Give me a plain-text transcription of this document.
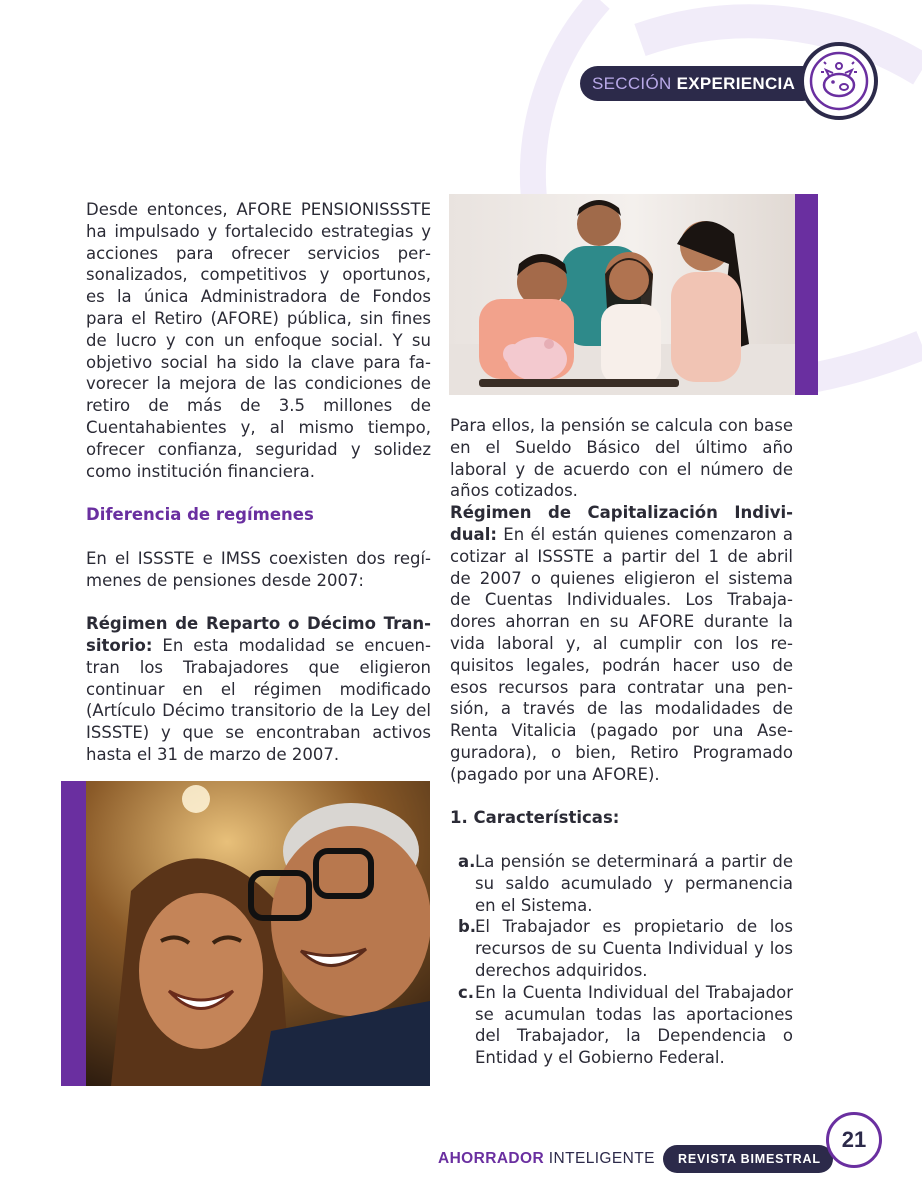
SECCIÓN EXPERIENCIA

Desde entonces, AFORE PENSIONISSSTE ha impulsado y fortalecido estrategias y acciones para ofrecer servicios personalizados, competitivos y oportunos, es la única Administradora de Fondos para el Retiro (AFORE) pública, sin fines de lucro y con un enfoque social. Y su objetivo social ha sido la clave para favorecer la mejora de las condiciones de retiro de más de 3.5 millones de Cuentahabientes y, al mismo tiempo, ofrecer confianza, seguridad y solidez como institución financiera.

Diferencia de regímenes

En el ISSSTE e IMSS coexisten dos regímenes de pensiones desde 2007:

Régimen de Reparto o Décimo Transitorio: En esta modalidad se encuentran los Trabajadores que eligieron continuar en el régimen modificado (Artículo Décimo transitorio de la Ley del ISSSTE) y que se encontraban activos hasta el 31 de marzo de 2007.

Para ellos, la pensión se calcula con base en el Sueldo Básico del último año laboral y de acuerdo con el número de años cotizados.

Régimen de Capitalización Individual: En él están quienes comenzaron a cotizar al ISSSTE a partir del 1 de abril de 2007 o quienes eligieron el sistema de Cuentas Individuales. Los Trabajadores ahorran en su AFORE durante la vida laboral y, al cumplir con los requisitos legales, podrán hacer uso de esos recursos para contratar una pensión, a través de las modalidades de Renta Vitalicia (pagado por una Aseguradora), o bien, Retiro Programado (pagado por una AFORE).

1. Características:

a. La pensión se determinará a partir de su saldo acumulado y permanencia en el Sistema.
b.
El Trabajador es propietario de los recursos de su Cuenta Individual y los derechos adquiridos.
c. En la Cuenta Individual del Trabajador se acumulan todas las aportaciones del Trabajador, la Dependencia o Entidad y el Gobierno Federal.
AHORRADOR INTELIGENTE	REVISTA BIMESTRAL
21
